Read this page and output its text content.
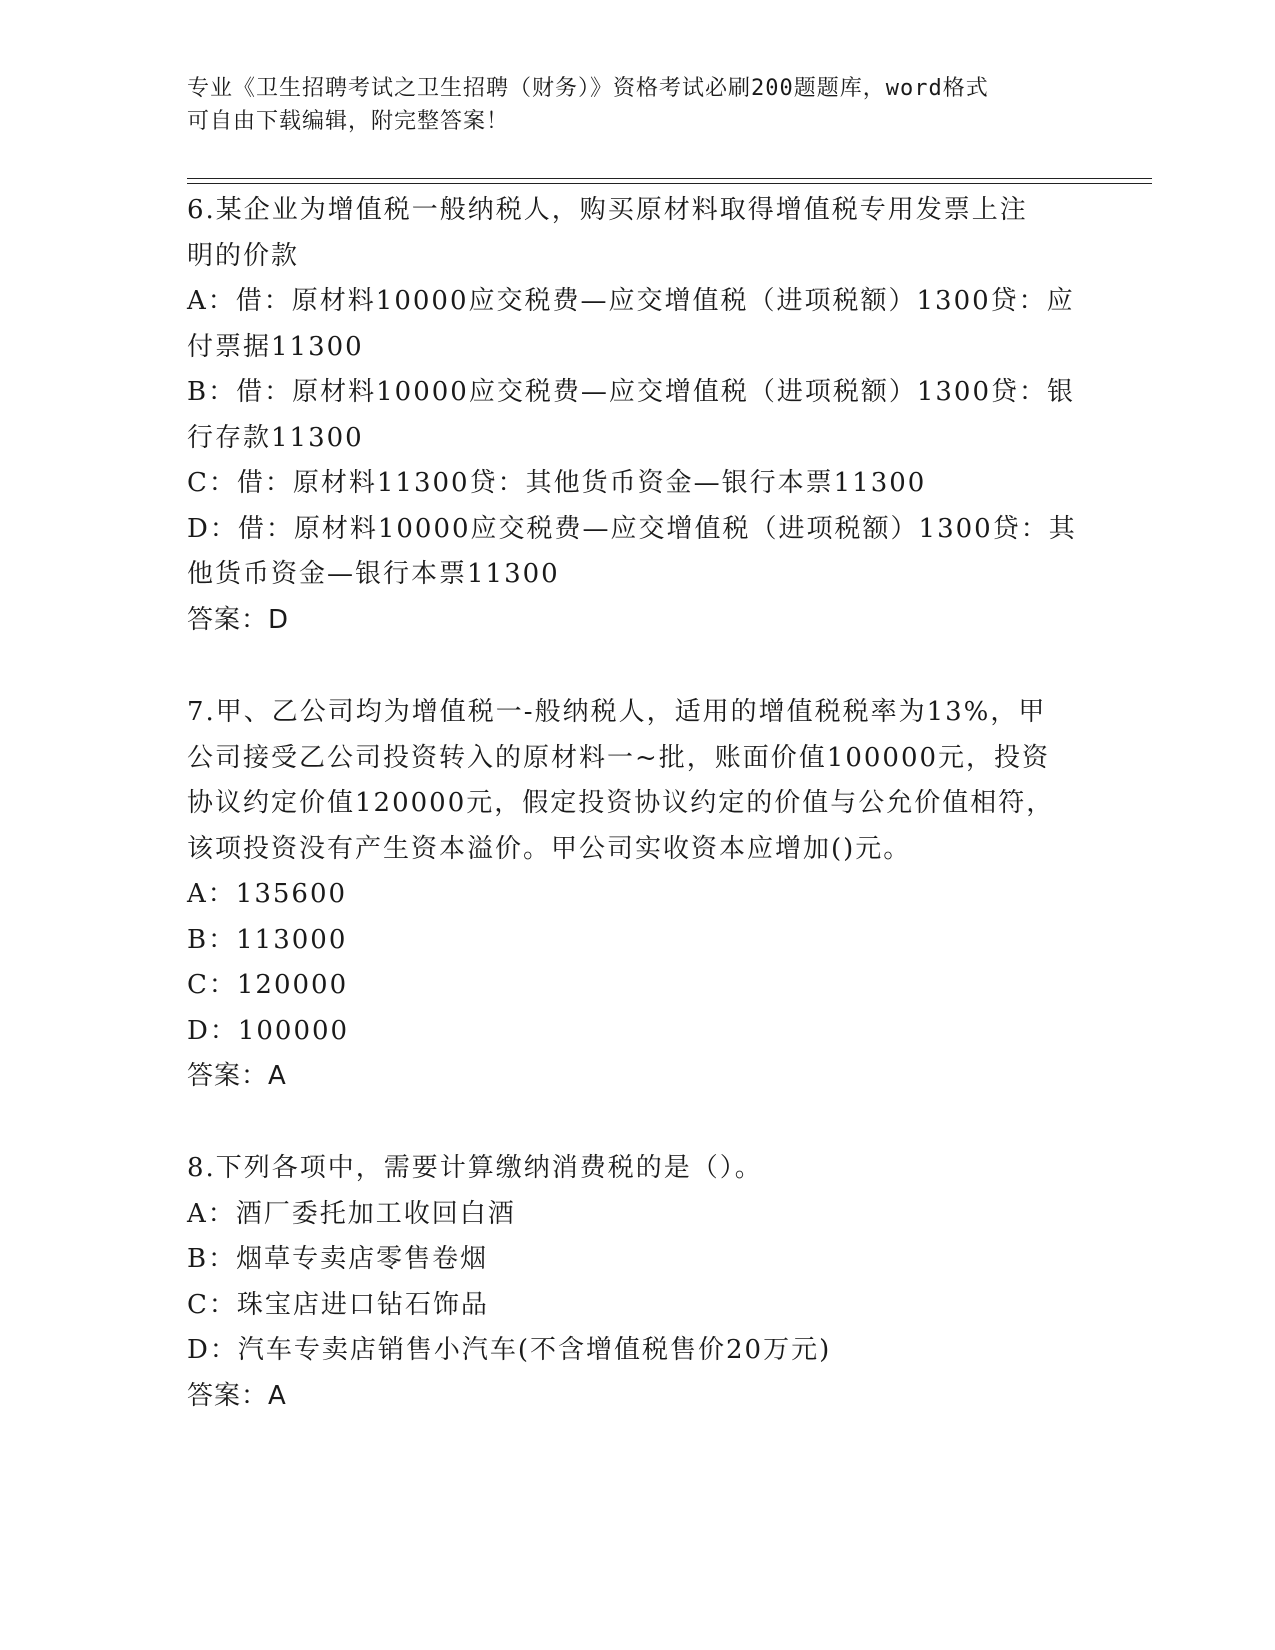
专业《卫生招聘考试之卫生招聘（财务）》资格考试必刷200题题库，word格式
可自由下载编辑，附完整答案！

6.某企业为增值税一般纳税人，购买原材料取得增值税专用发票上注

明的价款

A：借：原材料10000应交税费—应交增值税（进项税额）1300贷：应

付票据11300

B：借：原材料10000应交税费—应交增值税（进项税额）1300贷：银

行存款11300

C：借：原材料11300贷：其他货币资金—银行本票11300

D：借：原材料10000应交税费—应交增值税（进项税额）1300贷：其

他货币资金—银行本票11300

答案：D

7.甲、乙公司均为增值税一-般纳税人，适用的增值税税率为13%，甲

公司接受乙公司投资转入的原材料一~批，账面价值100000元，投资

协议约定价值120000元，假定投资协议约定的价值与公允价值相符，

该项投资没有产生资本溢价。甲公司实收资本应增加()元。

A：135600

B：113000

C：120000

D：100000

答案：A

8.下列各项中，需要计算缴纳消费税的是（）。

A：酒厂委托加工收回白酒

B：烟草专卖店零售卷烟

C：珠宝店进口钻石饰品

D：汽车专卖店销售小汽车(不含增值税售价20万元)

答案：A
